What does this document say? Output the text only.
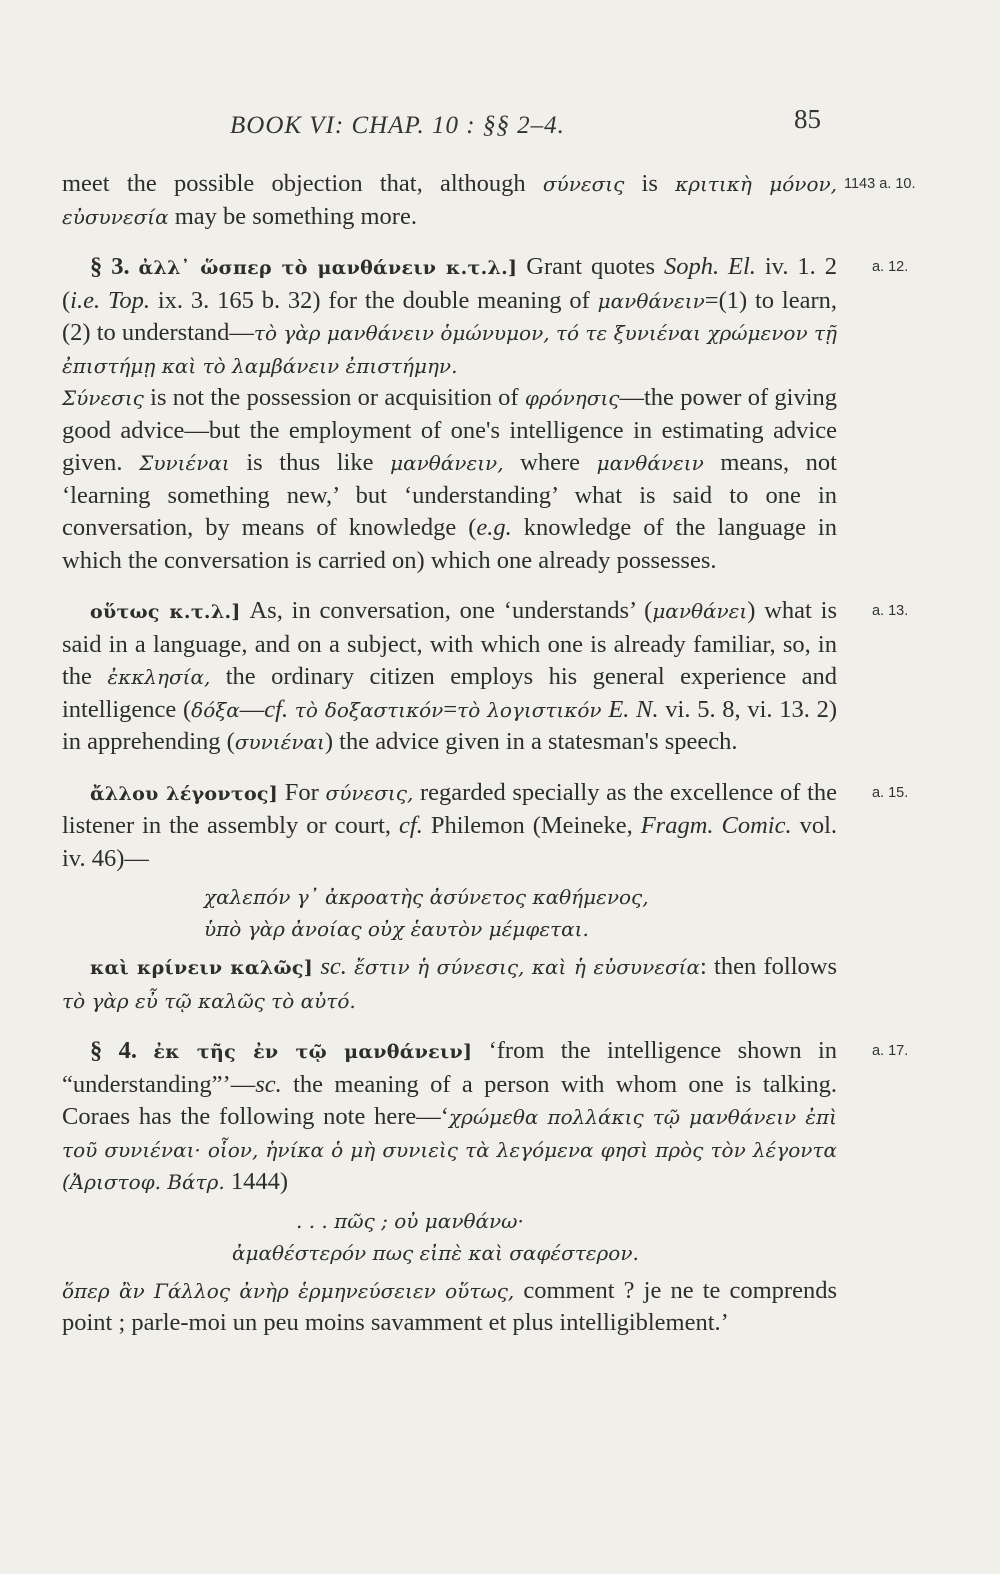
BOOK VI: CHAP. 10 : §§ 2–4.	85

meet the possible objection that, although σύνεσις is κριτικὴ μόνον, 1143 a. 10.
εὐσυνεσία may be something more.

§ 3. ἀλλ᾽ ὥσπερ τὸ μανθάνειν κ.τ.λ.] Grant quotes Soph. El. iv. 1. 2	a. 12.
(i.e. Top. ix. 3. 165 b. 32) for the double meaning of μανθάνειν=(1) to learn, (2) to understand—τὸ γὰρ μανθάνειν ὁμώνυμον, τό τε ξυνιέναι χρώμενον τῇ ἐπιστήμῃ καὶ τὸ λαμβάνειν ἐπιστήμην.

Σύνεσις is not the possession or acquisition of φρόνησις—the power of giving good advice—but the employment of one's intelligence in estimating advice given. Συνιέναι is thus like μανθάνειν, where μανθάνειν means, not ‘learning something new,’ but ‘understanding’ what is said to one in conversation, by means of knowledge (e.g. knowledge of the language in which the conversation is carried on) which one already possesses.

οὕτως κ.τ.λ.] As, in conversation, one ‘understands’ (μανθάνει)	a. 13.
what is said in a language, and on a subject, with which one is already familiar, so, in the ἐκκλησία, the ordinary citizen employs his general experience and intelligence (δόξα—cf. τὸ δοξαστικόν=τὸ λογιστικόν E. N. vi. 5. 8, vi. 13. 2) in apprehending (συνιέναι) the advice given in a statesman's speech.

ἄλλου λέγοντος] For σύνεσις, regarded specially as the excellence	a. 15.
of the listener in the assembly or court, cf. Philemon (Meineke, Fragm. Comic. vol. iv. 46)—

χαλεπόν γ᾽ ἀκροατὴς ἀσύνετος καθήμενος,
ὑπὸ γὰρ ἀνοίας οὐχ ἑαυτὸν μέμφεται.

καὶ κρίνειν καλῶς] sc. ἔστιν ἡ σύνεσις, καὶ ἡ εὐσυνεσία: then follows τὸ γὰρ εὖ τῷ καλῶς τὸ αὐτό.

§ 4. ἐκ τῆς ἐν τῷ μανθάνειν] ‘from the intelligence shown in	a. 17.
“understanding”’—sc. the meaning of a person with whom one is talking. Coraes has the following note here—‘χρώμεθα πολλάκις τῷ μανθάνειν ἐπὶ τοῦ συνιέναι· οἷον, ἡνίκα ὁ μὴ συνιεὶς τὰ λεγόμενα φησὶ πρὸς τὸν λέγοντα (Ἀριστοφ. Βάτρ. 1444)

. . . πῶς ; οὐ μανθάνω·
ἀμαθέστερόν πως εἰπὲ καὶ σαφέστερον.

ὅπερ ἂν Γάλλος ἀνὴρ ἑρμηνεύσειεν οὕτως, comment ? je ne te comprends point ; parle-moi un peu moins savamment et plus intelligiblement.’
